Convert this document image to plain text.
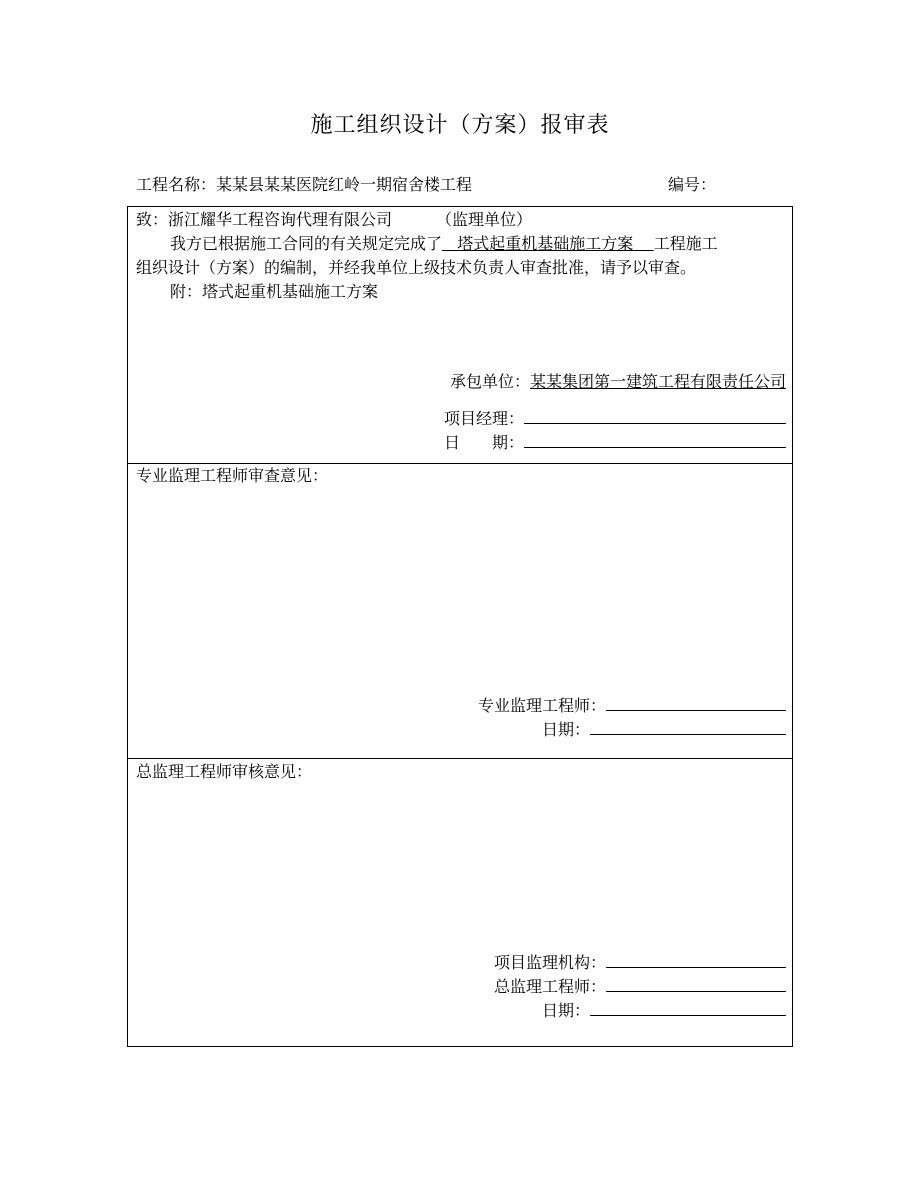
施工组织设计（方案）报审表
工程名称：某某县某某医院红岭一期宿舍楼工程	编号：
致：浙江耀华工程咨询代理有限公司	（监理单位）
我方已根据施工合同的有关规定完成了 塔式起重机基础施工方案 工程施工
组织设计（方案）的编制，并经我单位上级技术负责人审查批准，请予以审查。
附：塔式起重机基础施工方案
承包单位：某某集团第一建筑工程有限责任公司
项目经理：
日　　期：
专业监理工程师审查意见：
专业监理工程师：
日期：
总监理工程师审核意见：
项目监理机构：
总监理工程师：
日期：
